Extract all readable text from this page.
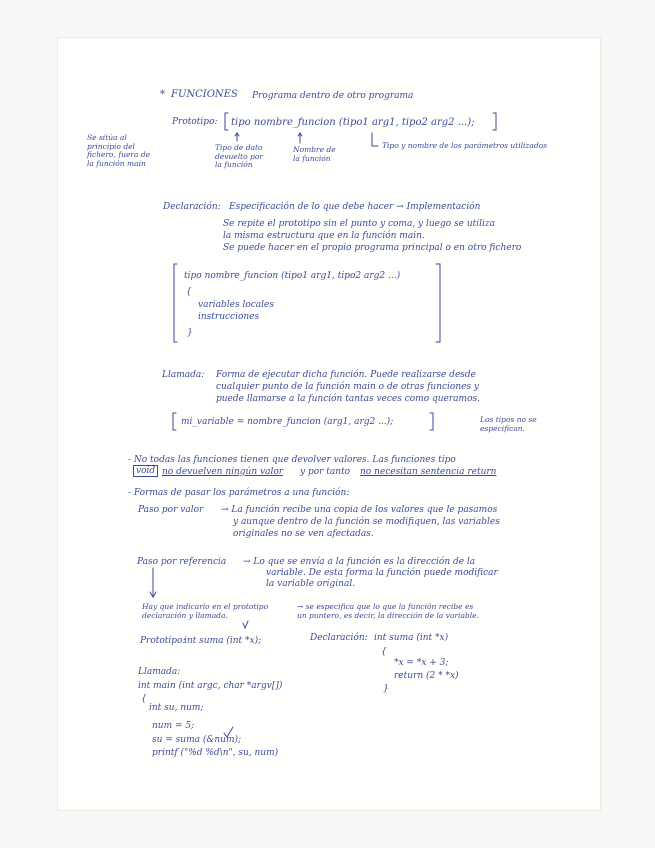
* FUNCIONES Programa dentro de otro programa
Prototipo: tipo nombre_funcion (tipo1 arg1, tipo2 arg2 ...);
Se sitúa al
principio del
fichero, fuera de
la función main
Tipo de dato
devuelto por
la función
Nombre de
la función
Tipo y nombre de los parámetros utilizados
Declaración: Especificación de lo que debe hacer → Implementación
Se repite el prototipo sin el punto y coma, y luego se utiliza
la misma estructura que en la función main.
Se puede hacer en el propio programa principal o en otro fichero
tipo nombre_funcion (tipo1 arg1, tipo2 arg2 ...)
{
variables locales
instrucciones
}
Llamada: Forma de ejecutar dicha función. Puede realizarse desde
cualquier punto de la función main o de otras funciones y
puede llamarse a la función tantas veces como queramos.
mi_variable = nombre_funcion (arg1, arg2 ...);	Los tipos no se
especifican.
- No todas las funciones tienen que devolver valores. Las funciones tipo
void no devuelven ningún valor y por tanto no necesitan sentencia return
- Formas de pasar los parámetros a una función:
Paso por valor → La función recibe una copia de los valores que le pasamos
y aunque dentro de la función se modifiquen, las variables
originales no se ven afectadas.
Paso por referencia → Lo que se envía a la función es la dirección de la
variable. De esta forma la función puede modificar
la variable original.
Hay que indicarlo en el prototipo
declaración y llamada.
→ se especifica que lo que la función recibe es
un puntero, es decir, la dirección de la variable.
Prototipo:
int suma (int *x);	Declaración: int suma (int *x)
{
*x = *x + 3;
return (2 * *x)
}
Llamada:
int main (int argc, char *argv[])
{
int su, num;
num = 5;
su = suma (&num);
printf ("%d %d\n", su, num)
